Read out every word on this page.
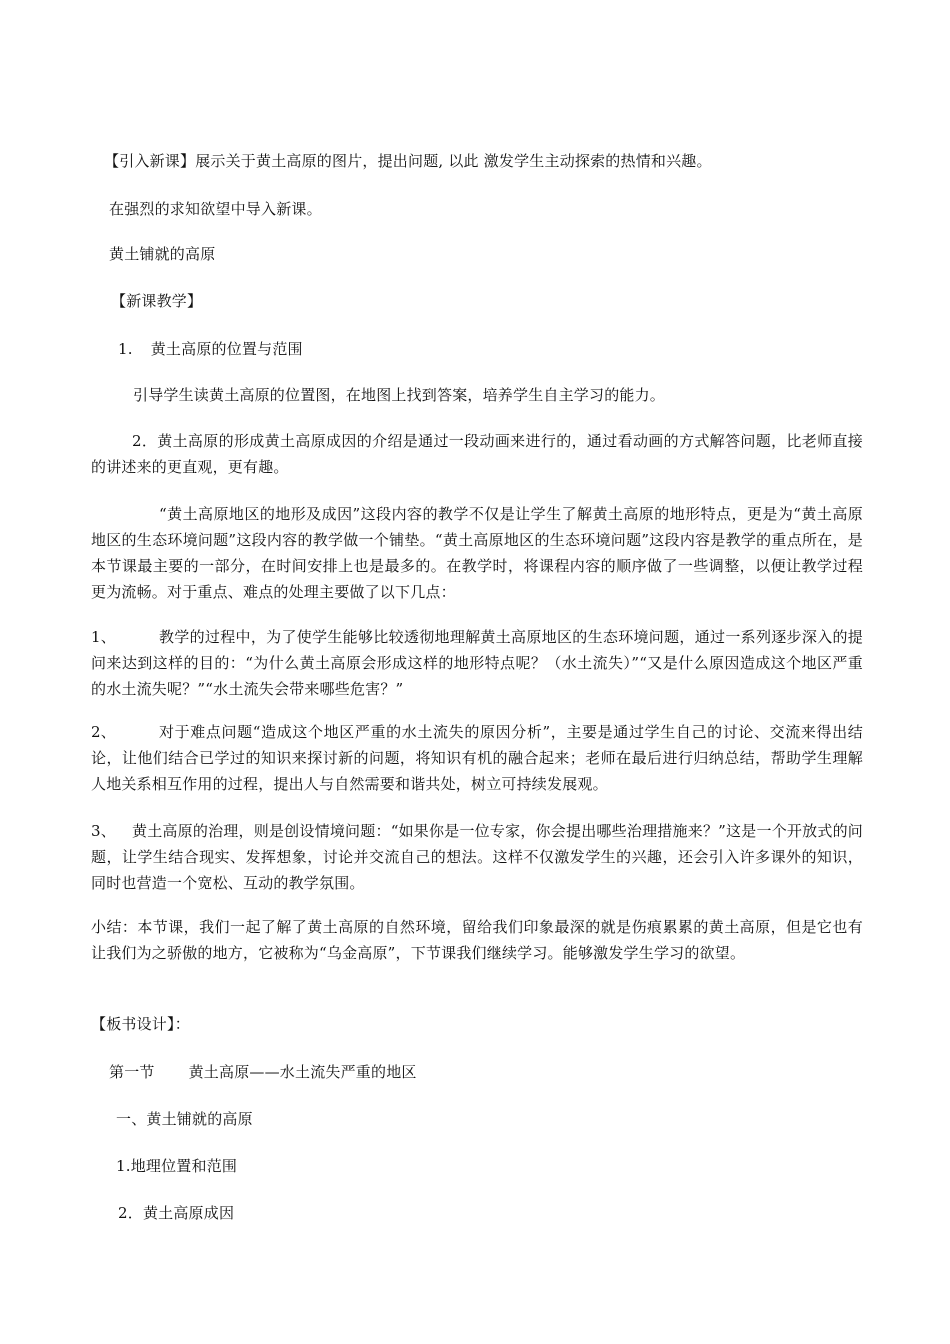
【引入新课】展示关于黄土高原的图片，提出问题, 以此 激发学生主动探索的热情和兴趣。
在强烈的求知欲望中导入新课。
黄土铺就的高原
【新课教学】
1. 黄土高原的位置与范围
引导学生读黄土高原的位置图，在地图上找到答案，培养学生自主学习的能力。
2．黄土高原的形成黄土高原成因的介绍是通过一段动画来进行的，通过看动画的方式解答问题，比老师直接的讲述来的更直观，更有趣。
“黄土高原地区的地形及成因”这段内容的教学不仅是让学生了解黄土高原的地形特点，更是为“黄土高原地区的生态环境问题”这段内容的教学做一个铺垫。“黄土高原地区的生态环境问题”这段内容是教学的重点所在，是本节课最主要的一部分，在时间安排上也是最多的。在教学时，将课程内容的顺序做了一些调整，以便让教学过程更为流畅。对于重点、难点的处理主要做了以下几点：
1、	教学的过程中，为了使学生能够比较透彻地理解黄土高原地区的生态环境问题，通过一系列逐步深入的提问来达到这样的目的：“为什么黄土高原会形成这样的地形特点呢？（水土流失）”“又是什么原因造成这个地区严重的水土流失呢？”“水土流失会带来哪些危害？”
2、	对于难点问题“造成这个地区严重的水土流失的原因分析”，主要是通过学生自己的讨论、交流来得出结论，让他们结合已学过的知识来探讨新的问题，将知识有机的融合起来；老师在最后进行归纳总结，帮助学生理解人地关系相互作用的过程，提出人与自然需要和谐共处，树立可持续发展观。
3、 黄土高原的治理，则是创设情境问题：“如果你是一位专家，你会提出哪些治理措施来？”这是一个开放式的问题，让学生结合现实、发挥想象，讨论并交流自己的想法。这样不仅激发学生的兴趣，还会引入许多课外的知识，同时也营造一个宽松、互动的教学氛围。
小结：本节课，我们一起了解了黄土高原的自然环境，留给我们印象最深的就是伤痕累累的黄土高原，但是它也有让我们为之骄傲的地方，它被称为“乌金高原”，下节课我们继续学习。能够激发学生学习的欲望。
【板书设计】：
第一节 黄土高原——水土流失严重的地区
一、黄土铺就的高原
1.地理位置和范围
2．黄土高原成因
